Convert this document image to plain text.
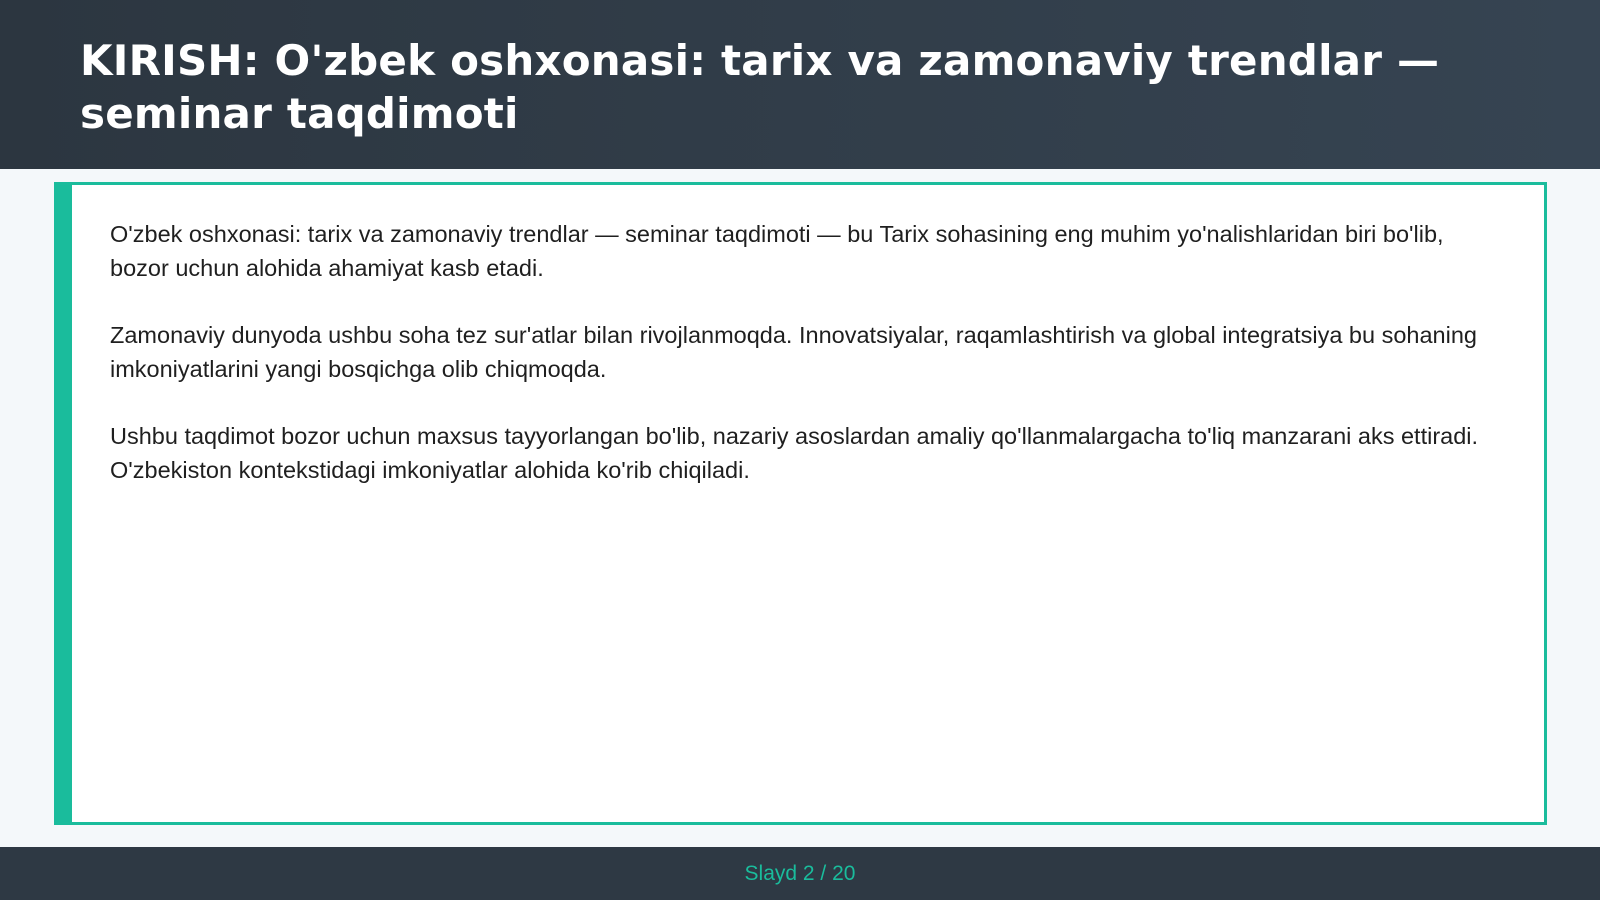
KIRISH: O'zbek oshxonasi: tarix va zamonaviy trendlar — seminar taqdimoti

O'zbek oshxonasi: tarix va zamonaviy trendlar — seminar taqdimoti — bu Tarix sohasining eng muhim yo'nalishlaridan biri bo'lib, bozor uchun alohida ahamiyat kasb etadi.

Zamonaviy dunyoda ushbu soha tez sur'atlar bilan rivojlanmoqda. Innovatsiyalar, raqamlashtirish va global integratsiya bu sohaning imkoniyatlarini yangi bosqichga olib chiqmoqda.

Ushbu taqdimot bozor uchun maxsus tayyorlangan bo'lib, nazariy asoslardan amaliy qo'llanmalargacha to'liq manzarani aks ettiradi. O'zbekiston kontekstidagi imkoniyatlar alohida ko'rib chiqiladi.

Slayd 2 / 20
